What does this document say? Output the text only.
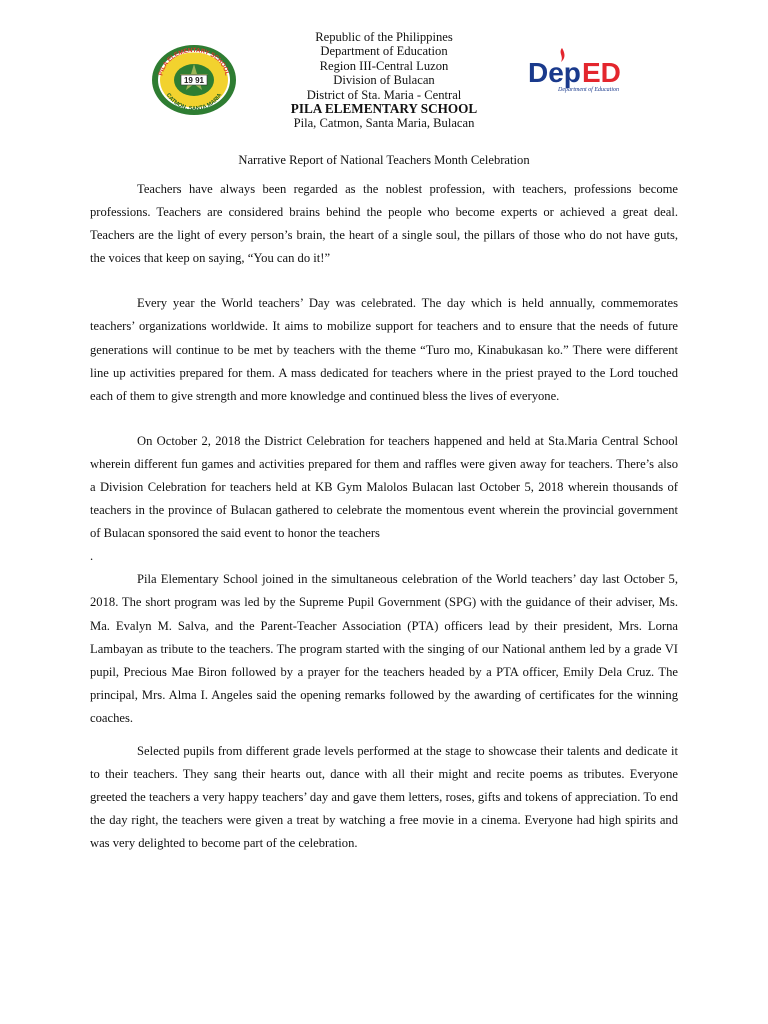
19 91
PILA ELEMENTARY SCHOOL
CATMON, SANTA MARIA
Republic of the Philippines
Department of Education
Region III-Central Luzon
Division of Bulacan
District of Sta. Maria - Central
PILA ELEMENTARY SCHOOL
Pila, Catmon, Santa Maria, Bulacan
Dep ED
Department of Education
Narrative Report of National Teachers Month Celebration

Teachers have always been regarded as the noblest profession, with teachers, professions become professions. Teachers are considered brains behind the people who become experts or achieved a great deal. Teachers are the light of every person’s brain, the heart of a single soul, the pillars of those who do not have guts, the voices that keep on saying, “You can do it!”

Every year the World teachers’ Day was celebrated. The day which is held annually, commemorates teachers’ organizations worldwide. It aims to mobilize support for teachers and to ensure that the needs of future generations will continue to be met by teachers with the theme “Turo mo, Kinabukasan ko.” There were different line up activities prepared for them. A mass dedicated for teachers where in the priest prayed to the Lord touched each of them to give strength and more knowledge and continued bless the lives of everyone.

On October 2, 2018 the District Celebration for teachers happened and held at Sta.Maria Central School wherein different fun games and activities prepared for them and raffles were given away for teachers. There’s also a Division Celebration for teachers held at KB Gym Malolos Bulacan last October 5, 2018 wherein thousands of teachers in the province of Bulacan gathered to celebrate the momentous event wherein the provincial government of Bulacan sponsored the said event to honor the teachers

.

Pila Elementary School joined in the simultaneous celebration of the World teachers’ day last October 5, 2018. The short program was led by the Supreme Pupil Government (SPG) with the guidance of their adviser, Ms. Ma. Evalyn M. Salva, and the Parent-Teacher Association (PTA) officers lead by their president, Mrs. Lorna Lambayan as tribute to the teachers. The program started with the singing of our National anthem led by a grade VI pupil, Precious Mae Biron followed by a prayer for the teachers headed by a PTA officer, Emily Dela Cruz. The principal, Mrs. Alma I. Angeles said the opening remarks followed by the awarding of certificates for the winning coaches.

Selected pupils from different grade levels performed at the stage to showcase their talents and dedicate it to their teachers. They sang their hearts out, dance with all their might and recite poems as tributes. Everyone greeted the teachers a very happy teachers’ day and gave them letters, roses, gifts and tokens of appreciation. To end the day right, the teachers were given a treat by watching a free movie in a cinema. Everyone had high spirits and was very delighted to become part of the celebration.
